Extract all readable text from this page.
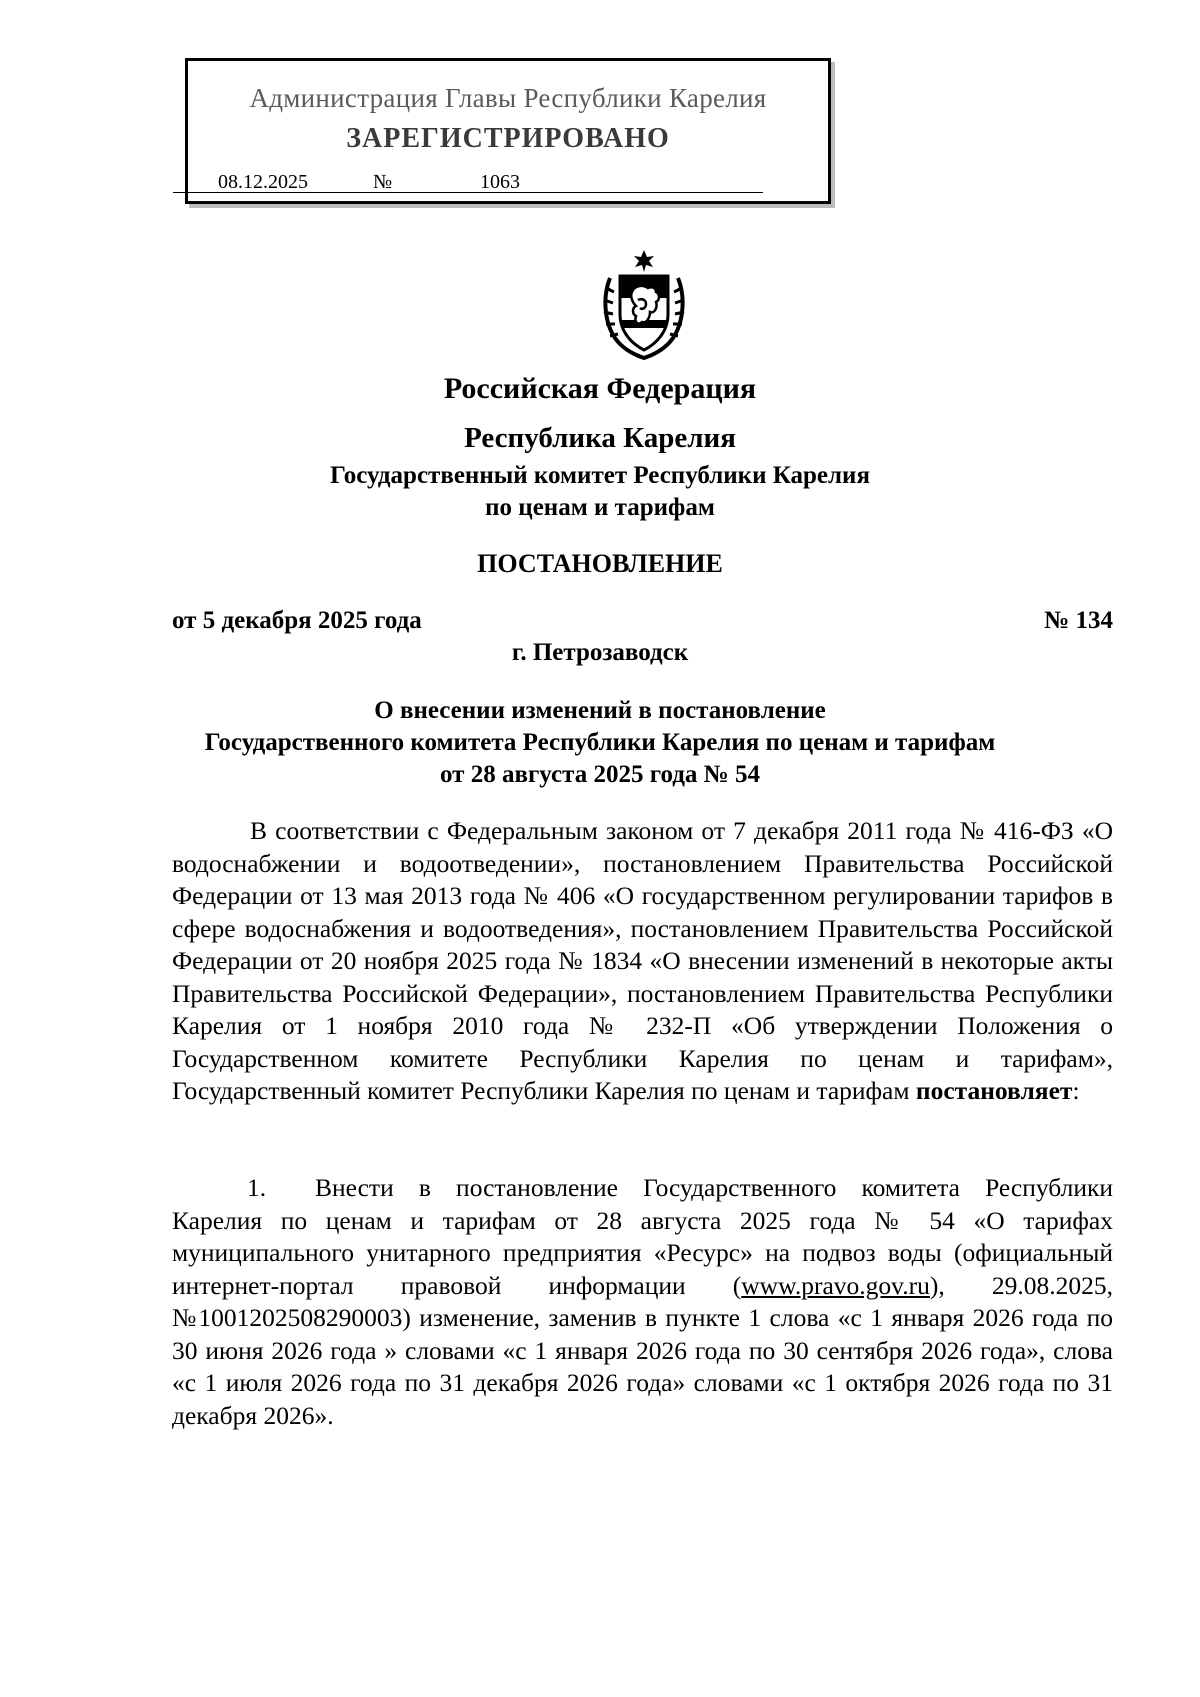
Администрация Главы Республики Карелия
ЗАРЕГИСТРИРОВАНО
08.12.2025	№	1063
Российская Федерация
Республика Карелия
Государственный комитет Республики Карелия
по ценам и тарифам
ПОСТАНОВЛЕНИЕ
от 5 декабря 2025 года	№ 134
г. Петрозаводск
О внесении изменений в постановление
Государственного комитета Республики Карелия по ценам и тарифам
от 28 августа 2025 года № 54

В соответствии с Федеральным законом от 7 декабря 2011 года № 416-ФЗ «О водоснабжении и водоотведении», постановлением Правительства Российской Федерации от 13 мая 2013 года № 406 «О государственном регулировании тарифов в сфере водоснабжения и водоотведения», постановлением Правительства Российской Федерации от 20 ноября 2025 года № 1834 «О внесении изменений в некоторые акты Правительства Российской Федерации», постановлением Правительства Республики Карелия от 1 ноября 2010 года № 232-П «Об утверждении Положения о Государственном комитете Республики Карелия по ценам и тарифам», Государственный комитет Республики Карелия по ценам и тарифам постановляет:

1. Внести в постановление Государственного комитета Республики Карелия по ценам и тарифам от 28 августа 2025 года № 54 «О тарифах муниципального унитарного предприятия «Ресурс» на подвоз воды (официальный интернет-портал правовой информации (www.pravo.gov.ru), 29.08.2025, №1001202508290003) изменение, заменив в пункте 1 слова «с 1 января 2026 года по 30 июня 2026 года » словами «с 1 января 2026 года по 30 сентября 2026 года», слова «с 1 июля 2026 года по 31 декабря 2026 года» словами «с 1 октября 2026 года по 31 декабря 2026».
